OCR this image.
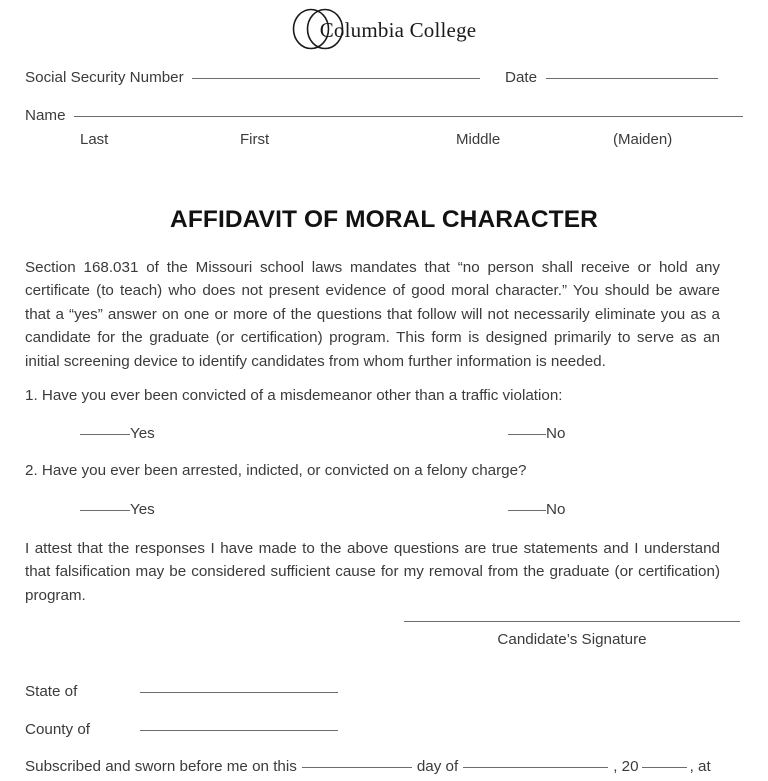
Columbia College
Social Security Number	Date
Name
Last	First	Middle	(Maiden)
AFFIDAVIT OF MORAL CHARACTER
Section 168.031 of the Missouri school laws mandates that “no person shall receive or hold any certificate (to teach) who does not present evidence of good moral character.” You should be aware that a “yes” answer on one or more of the questions that follow will not necessarily eliminate you as a candidate for the graduate (or certification) program. This form is designed primarily to serve as an initial screening device to identify candidates from whom further information is needed.
1. Have you ever been convicted of a misdemeanor other than a traffic violation:
Yes	No
2. Have you ever been arrested, indicted, or convicted on a felony charge?
Yes	No
I attest that the responses I have made to the above questions are true statements and I understand that falsification may be considered sufficient cause for my removal from the graduate (or certification) program.
Candidate’s Signature
State of
County of
Subscribed and sworn before me on this	day of	, 20	, at
